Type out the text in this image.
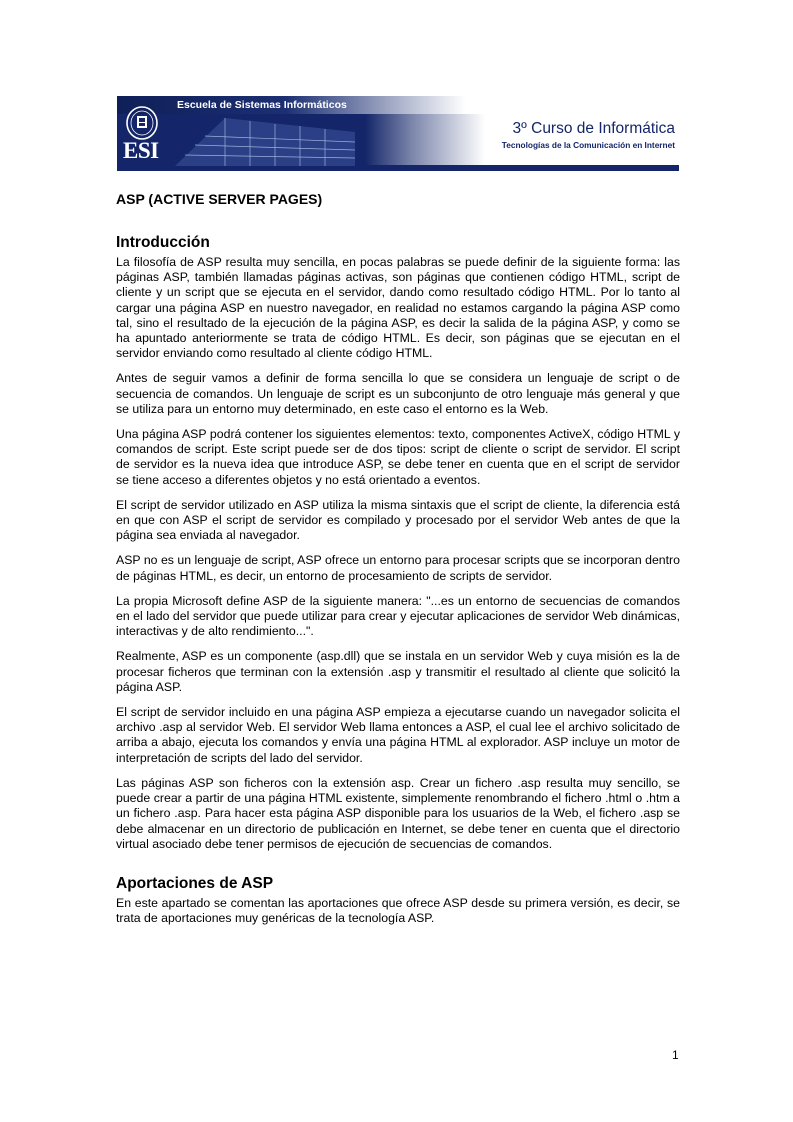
Escuela de Sistemas Informáticos
ESI
3º Curso de Informática
Tecnologías de la Comunicación en Internet
ASP (ACTIVE SERVER PAGES)
Introducción

La filosofía de ASP resulta muy sencilla, en pocas palabras se puede definir de la siguiente forma: las páginas ASP, también llamadas páginas activas, son páginas que contienen código HTML, script de cliente y un script que se ejecuta en el servidor, dando como resultado código HTML. Por lo tanto al cargar una página ASP en nuestro navegador, en realidad no estamos cargando la página ASP como tal, sino el resultado de la ejecución de la página ASP, es decir la salida de la página ASP, y como se ha apuntado anteriormente se trata de código HTML. Es decir, son páginas que se ejecutan en el servidor enviando como resultado al cliente código HTML.

Antes de seguir vamos a definir de forma sencilla lo que se considera un lenguaje de script o de secuencia de comandos. Un lenguaje de script es un subconjunto de otro lenguaje más general y que se utiliza para un entorno muy determinado, en este caso el entorno es la Web.

Una página ASP podrá contener los siguientes elementos: texto, componentes ActiveX, código HTML y comandos de script. Este script puede ser de dos tipos: script de cliente o script de servidor. El script de servidor es la nueva idea que introduce ASP, se debe tener en cuenta que en el script de servidor se tiene acceso a diferentes objetos y no está orientado a eventos.

El script de servidor utilizado en ASP utiliza la misma sintaxis que el script de cliente, la diferencia está en que con ASP el script de servidor es compilado y procesado por el servidor Web antes de que la página sea enviada al navegador.

ASP no es un lenguaje de script, ASP ofrece un entorno para procesar scripts que se incorporan dentro de páginas HTML, es decir, un entorno de procesamiento de scripts de servidor.

La propia Microsoft define ASP de la siguiente manera: "...es un entorno de secuencias de comandos en el lado del servidor que puede utilizar para crear y ejecutar aplicaciones de servidor Web dinámicas, interactivas y de alto rendimiento...".

Realmente, ASP es un componente (asp.dll) que se instala en un servidor Web y cuya misión es la de procesar ficheros que terminan con la extensión .asp y transmitir el resultado al cliente que solicitó la página ASP.

El script de servidor incluido en una página ASP empieza a ejecutarse cuando un navegador solicita el archivo .asp al servidor Web. El servidor Web llama entonces a ASP, el cual lee el archivo solicitado de arriba a abajo, ejecuta los comandos y envía una página HTML al explorador. ASP incluye un motor de interpretación de scripts del lado del servidor.

Las páginas ASP son ficheros con la extensión asp. Crear un fichero .asp resulta muy sencillo, se puede crear a partir de una página HTML existente, simplemente renombrando el fichero .html o .htm a un fichero .asp. Para hacer esta página ASP disponible para los usuarios de la Web, el fichero .asp se debe almacenar en un directorio de publicación en Internet, se debe tener en cuenta que el directorio virtual asociado debe tener permisos de ejecución de secuencias de comandos.

Aportaciones de ASP

En este apartado se comentan las aportaciones que ofrece ASP desde su primera versión, es decir, se trata de aportaciones muy genéricas de la tecnología ASP.

1
